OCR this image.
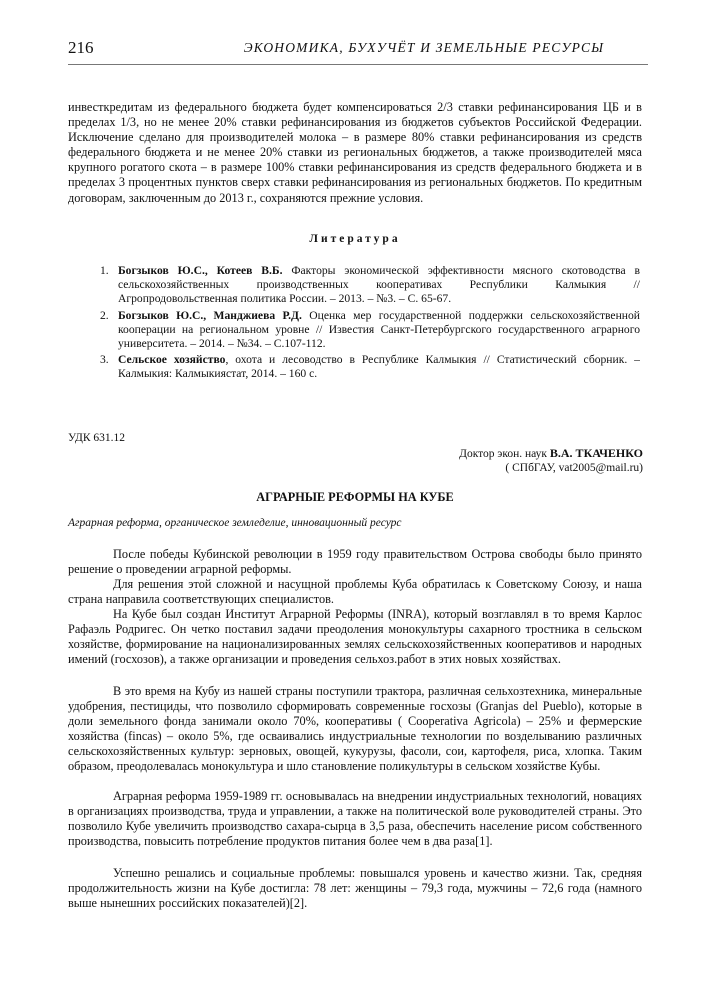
216	ЭКОНОМИКА, БУХУЧЁТ И ЗЕМЕЛЬНЫЕ РЕСУРСЫ

инвесткредитам из федерального бюджета будет компенсироваться 2/3 ставки рефинансирования ЦБ и в пределах 1/3, но не менее 20% ставки рефинансирования из бюджетов субъектов Российской Федерации. Исключение сделано для производителей молока – в размере 80% ставки рефинансирования из средств федерального бюджета и не менее 20% ставки из региональных бюджетов, а также производителей мяса крупного рогатого скота – в размере 100% ставки рефинансирования из средств федерального бюджета и в пределах 3 процентных пунктов сверх ставки рефинансирования из региональных бюджетов. По кредитным договорам, заключенным до 2013 г., сохраняются прежние условия.

Литература
1. Богзыков Ю.С., Котеев В.Б. Факторы экономической эффективности мясного скотоводства в сельскохозяйственных производственных кооперативах Республики Калмыкия // Агропродовольственная политика России. – 2013. – №3. – С. 65-67.
2. Богзыков Ю.С., Манджиева Р.Д. Оценка мер государственной поддержки сельскохозяйственной кооперации на региональном уровне // Известия Санкт-Петербургского государственного аграрного университета. – 2014. – №34. – С.107-112.
3. Сельское хозяйство, охота и лесоводство в Республике Калмыкия // Статистический сборник. – Калмыкия: Калмыкиястат, 2014. – 160 с.
УДК 631.12
Доктор экон. наук В.А. ТКАЧЕНКО
( СПбГАУ, vat2005@mail.ru)
АГРАРНЫЕ РЕФОРМЫ НА КУБЕ
Аграрная реформа, органическое земледелие, инновационный ресурс

После победы Кубинской революции в 1959 году правительством Острова свободы было принято решение о проведении аграрной реформы.

Для решения этой сложной и насущной проблемы Куба обратилась к Советскому Союзу, и наша страна направила соответствующих специалистов.

На Кубе был создан Институт Аграрной Реформы (INRA), который возглавлял в то время Карлос Рафаэль Родригес. Он четко поставил задачи преодоления монокультуры сахарного тростника в сельском хозяйстве, формирование на национализированных землях сельскохозяйственных кооперативов и народных имений (госхозов), а также организации и проведения сельхоз.работ в этих новых хозяйствах.

В это время на Кубу из нашей страны поступили трактора, различная сельхозтехника, минеральные удобрения, пестициды, что позволило сформировать современные госхозы (Granjas del Pueblo), которые в доли земельного фонда занимали около 70%, кооперативы ( Cooperativa Agricola) – 25% и фермерские хозяйства (fincas) – около 5%, где осваивались индустриальные технологии по возделыванию различных сельскохозяйственных культур: зерновых, овощей, кукурузы, фасоли, сои, картофеля, риса, хлопка. Таким образом, преодолевалась монокультура и шло становление поликультуры в сельском хозяйстве Кубы.

Аграрная реформа 1959-1989 гг. основывалась на внедрении индустриальных технологий, новациях в организациях производства, труда и управлении, а также на политической воле руководителей страны. Это позволило Кубе увеличить производство сахара-сырца в 3,5 раза, обеспечить население рисом собственного производства, повысить потребление продуктов питания более чем в два раза[1].

Успешно решались и социальные проблемы: повышался уровень и качество жизни. Так, средняя продолжительность жизни на Кубе достигла: 78 лет: женщины – 79,3 года, мужчины – 72,6 года (намного выше нынешних российских показателей)[2].
